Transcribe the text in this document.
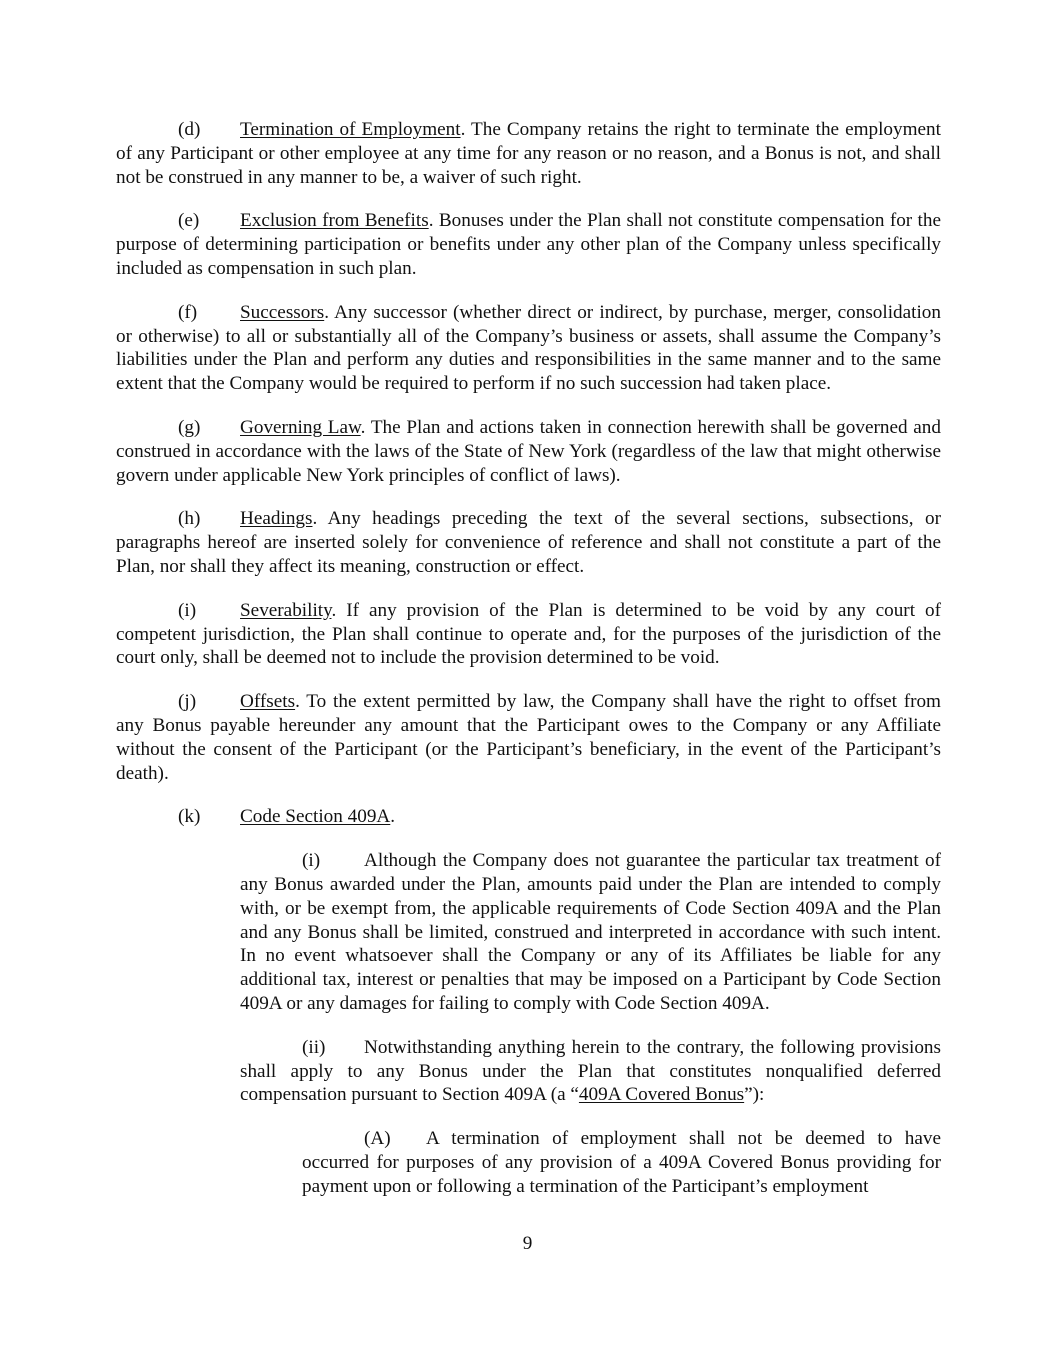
(d) Termination of Employment. The Company retains the right to terminate the employment of any Participant or other employee at any time for any reason or no reason, and a Bonus is not, and shall not be construed in any manner to be, a waiver of such right.

(e) Exclusion from Benefits. Bonuses under the Plan shall not constitute compensation for the purpose of determining participation or benefits under any other plan of the Company unless specifically included as compensation in such plan.

(f) Successors. Any successor (whether direct or indirect, by purchase, merger, consolidation or otherwise) to all or substantially all of the Company’s business or assets, shall assume the Company’s liabilities under the Plan and perform any duties and responsibilities in the same manner and to the same extent that the Company would be required to perform if no such succession had taken place.

(g) Governing Law. The Plan and actions taken in connection herewith shall be governed and construed in accordance with the laws of the State of New York (regardless of the law that might otherwise govern under applicable New York principles of conflict of laws).

(h) Headings. Any headings preceding the text of the several sections, subsections, or paragraphs hereof are inserted solely for convenience of reference and shall not constitute a part of the Plan, nor shall they affect its meaning, construction or effect.

(i) Severability. If any provision of the Plan is determined to be void by any court of competent jurisdiction, the Plan shall continue to operate and, for the purposes of the jurisdiction of the court only, shall be deemed not to include the provision determined to be void.

(j) Offsets. To the extent permitted by law, the Company shall have the right to offset from any Bonus payable hereunder any amount that the Participant owes to the Company or any Affiliate without the consent of the Participant (or the Participant’s beneficiary, in the event of the Participant’s death).

(k) Code Section 409A.

(i) Although the Company does not guarantee the particular tax treatment of any Bonus awarded under the Plan, amounts paid under the Plan are intended to comply with, or be exempt from, the applicable requirements of Code Section 409A and the Plan and any Bonus shall be limited, construed and interpreted in accordance with such intent. In no event whatsoever shall the Company or any of its Affiliates be liable for any additional tax, interest or penalties that may be imposed on a Participant by Code Section 409A or any damages for failing to comply with Code Section 409A.

(ii) Notwithstanding anything herein to the contrary, the following provisions shall apply to any Bonus under the Plan that constitutes nonqualified deferred compensation pursuant to Section 409A (a “409A Covered Bonus”):

(A) A termination of employment shall not be deemed to have occurred for purposes of any provision of a 409A Covered Bonus providing for payment upon or following a termination of the Participant’s employment

9
